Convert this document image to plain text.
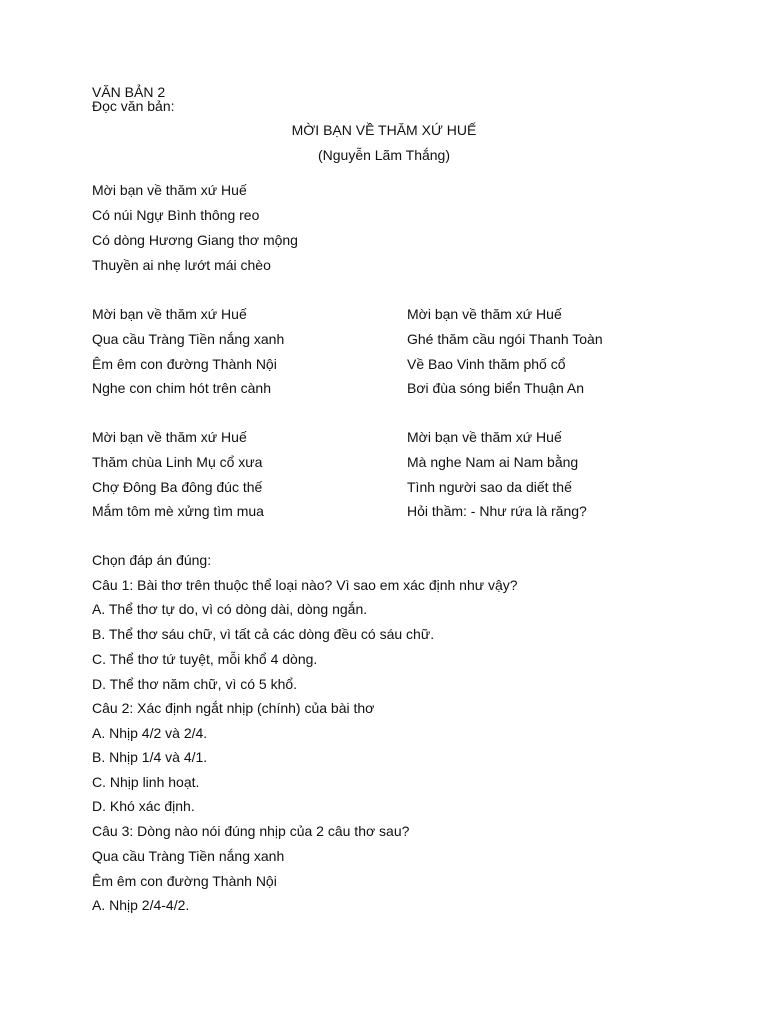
VĂN BẢN 2
Đọc văn bản:
MỜI BẠN VỀ THĂM XỨ HUẾ
(Nguyễn Lãm Thắng)
Mời bạn về thăm xứ Huế
Có núi Ngự Bình thông reo
Có dòng Hương Giang thơ mộng
Thuyền ai nhẹ lướt mái chèo
Mời bạn về thăm xứ Huế
Qua cầu Tràng Tiền nắng xanh
Êm êm con đường Thành Nội
Nghe con chim hót trên cành
Mời bạn về thăm xứ Huế
Ghé thăm cầu ngói Thanh Toàn
Về Bao Vinh thăm phố cổ
Bơi đùa sóng biển Thuận An
Mời bạn về thăm xứ Huế
Thăm chùa Linh Mụ cổ xưa
Chợ Đông Ba đông đúc thế
Mắm tôm mè xửng tìm mua
Mời bạn về thăm xứ Huế
Mà nghe Nam ai Nam bằng
Tình người sao da diết thế
Hỏi thầm: - Như rứa là răng?
Chọn đáp án đúng:
Câu 1: Bài thơ trên thuộc thể loại nào? Vì sao em xác định như vậy?
A. Thể thơ tự do, vì có dòng dài, dòng ngắn.
B. Thể thơ sáu chữ, vì tất cả các dòng đều có sáu chữ.
C. Thể thơ tứ tuyệt, mỗi khổ 4 dòng.
D. Thể thơ năm chữ, vì có 5 khổ.
Câu 2: Xác định ngắt nhịp (chính) của bài thơ
A. Nhịp 4/2 và 2/4.
B. Nhịp 1/4 và 4/1.
C. Nhịp linh hoạt.
D. Khó xác định.
Câu 3: Dòng nào nói đúng nhịp của 2 câu thơ sau?
Qua cầu Tràng Tiền nắng xanh
Êm êm con đường Thành Nội
A. Nhịp 2/4-4/2.
